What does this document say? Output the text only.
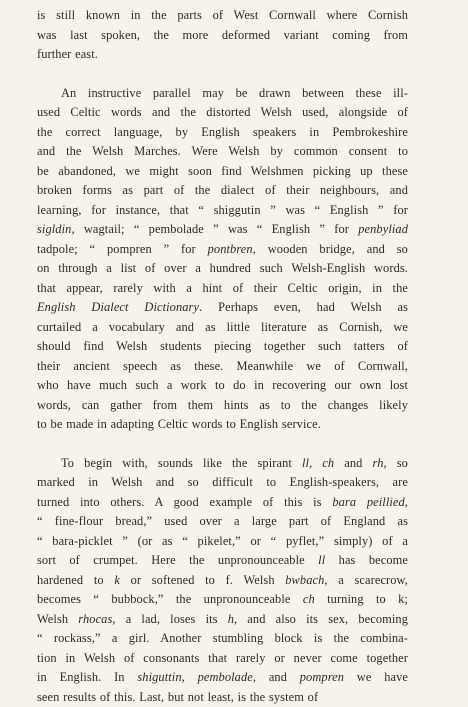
is still known in the parts of West Cornwall where Cornish
was last spoken, the more deformed variant coming from
further east.
An instructive parallel may be drawn between these ill-
used Celtic words and the distorted Welsh used, alongside of
the correct language, by English speakers in Pembrokeshire
and the Welsh Marches. Were Welsh by common consent to
be abandoned, we might soon find Welshmen picking up these
broken forms as part of the dialect of their neighbours, and
learning, for instance, that “ shiggutin ” was “ English ” for
sigldin, wagtail; “ pembolade ” was “ English ” for penbyliad
tadpole; “ pompren ” for pontbren, wooden bridge, and so
on through a list of over a hundred such Welsh-English words.
that appear, rarely with a hint of their Celtic origin, in the
English Dialect Dictionary. Perhaps even, had Welsh as
curtailed a vocabulary and as little literature as Cornish, we
should find Welsh students piecing together such tatters of
their ancient speech as these. Meanwhile we of Cornwall,
who have much such a work to do in recovering our own lost
words, can gather from them hints as to the changes likely
to be made in adapting Celtic words to English service.
To begin with, sounds like the spirant ll, ch and rh, so
marked in Welsh and so difficult to English-speakers, are
turned into others. A good example of this is bara peillied,
“ fine-flour bread,” used over a large part of England as
“ bara-picklet ” (or as “ pikelet,” or “ pyflet,” simply) of a
sort of crumpet. Here the unpronounceable ll has become
hardened to k or softened to f. Welsh bwbach, a scarecrow,
becomes “ bubbock,” the unpronounceable ch turning to k;
Welsh rhocas, a lad, loses its h, and also its sex, becoming
“ rockass,” a girl. Another stumbling block is the combina-
tion in Welsh of consonants that rarely or never come together
in English. In shiguttin, pembolade, and pompren we have
seen results of this. Last, but not least, is the system of
